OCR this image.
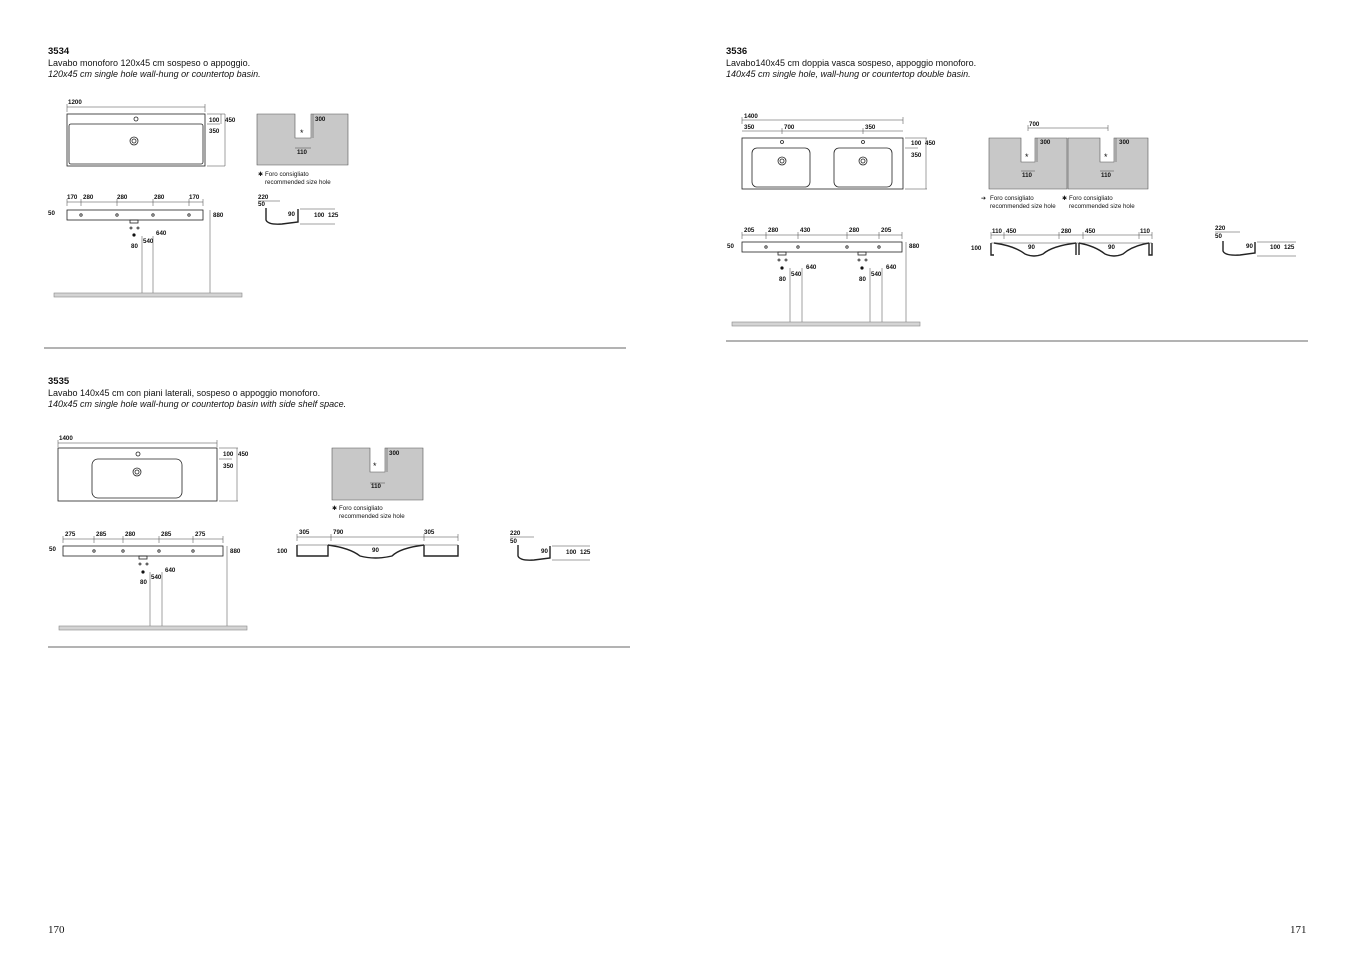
3534
Lavabo monoforo 120x45 cm sospeso o appoggio.
120x45 cm single hole wall-hung or countertop basin.
3535
Lavabo 140x45 cm con piani laterali, sospeso o appoggio monoforo.
140x45 cm single hole wall-hung or countertop basin with side shelf space.
3536
Lavabo140x45 cm doppia vasca sospeso, appoggio monoforo.
140x45 cm single hole, wall-hung or countertop double basin.
170	171
1200
100 450
350	*
300
110
✱ Foro consigliato
recommended size hole
170 280	280	280	170
50	880
640
540
80
220
50
90	100 125
1400
100 450
350	*
300
110
✱ Foro consigliato
recommended size hole
275	285	280	285	275
50	880
640
540
80
305	790	305
100	90
220
50
90	100 125
1400
350	700	350
100 450
350
700
*	*
300	300
110	110
➔ Foro consigliato
recommended size hole
✱ Foro consigliato
recommended size hole
205 280	430	280	205
50	880
640
540
80
640
540
80
110 450	280 450	110
100	90	90
220
50
90	100 125
